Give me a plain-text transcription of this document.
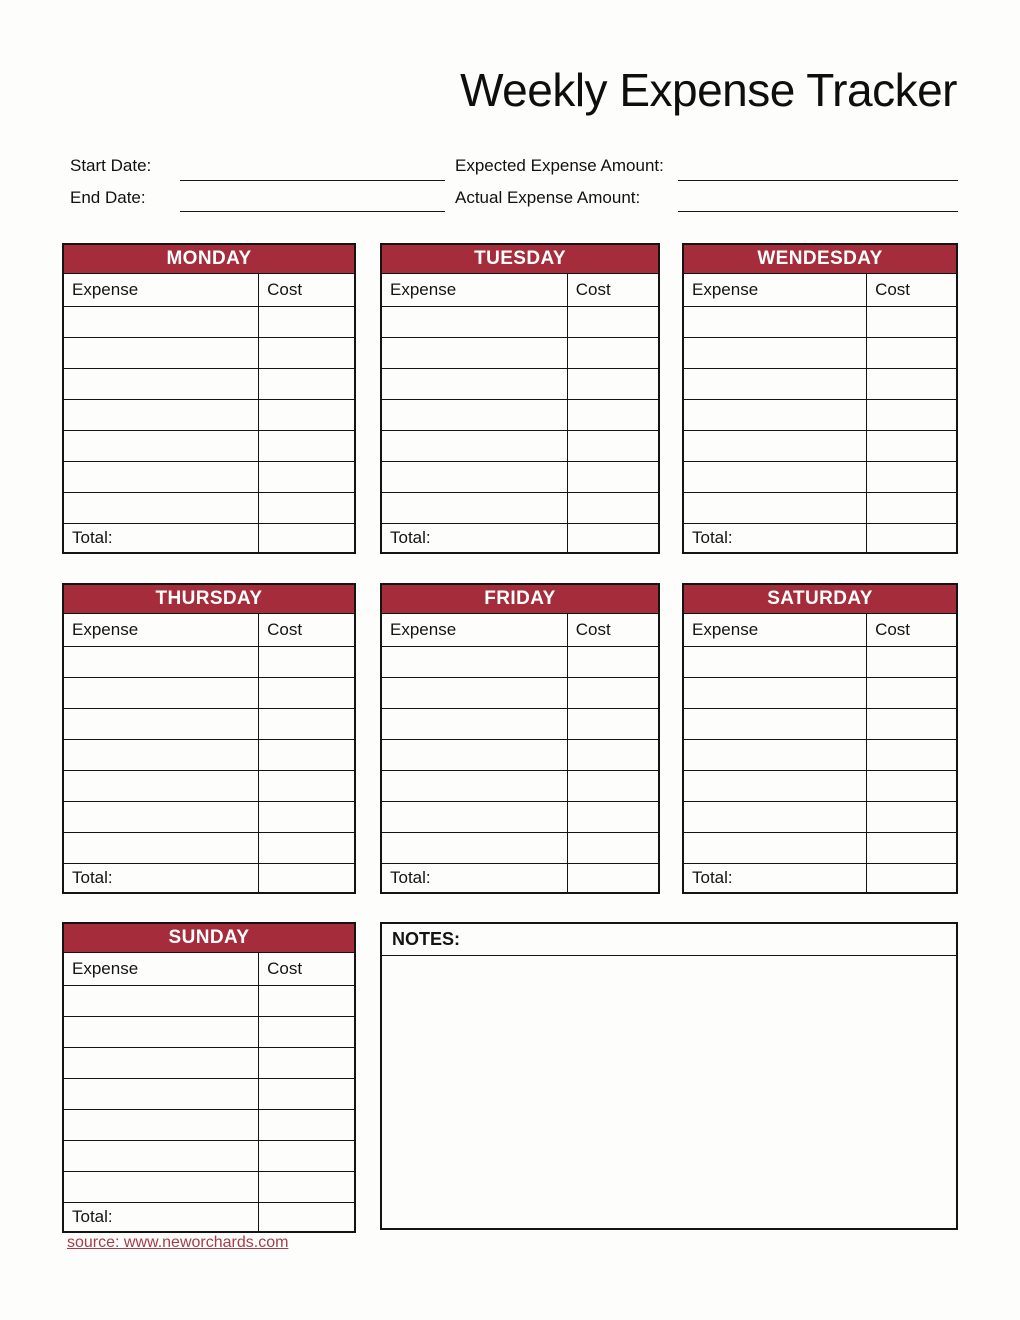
Weekly Expense Tracker
Start Date:
End Date:
Expected Expense Amount:
Actual Expense Amount:
MONDAY	
Expense	Cost

Total:	
TUESDAY	
Expense	Cost

Total:	
WENDESDAY	
Expense	Cost

Total:	
THURSDAY	
Expense	Cost

Total:	
FRIDAY	
Expense	Cost

Total:	
SATURDAY	
Expense	Cost

Total:	
SUNDAY	
Expense	Cost

Total:	
NOTES:
source: www.neworchards.com
